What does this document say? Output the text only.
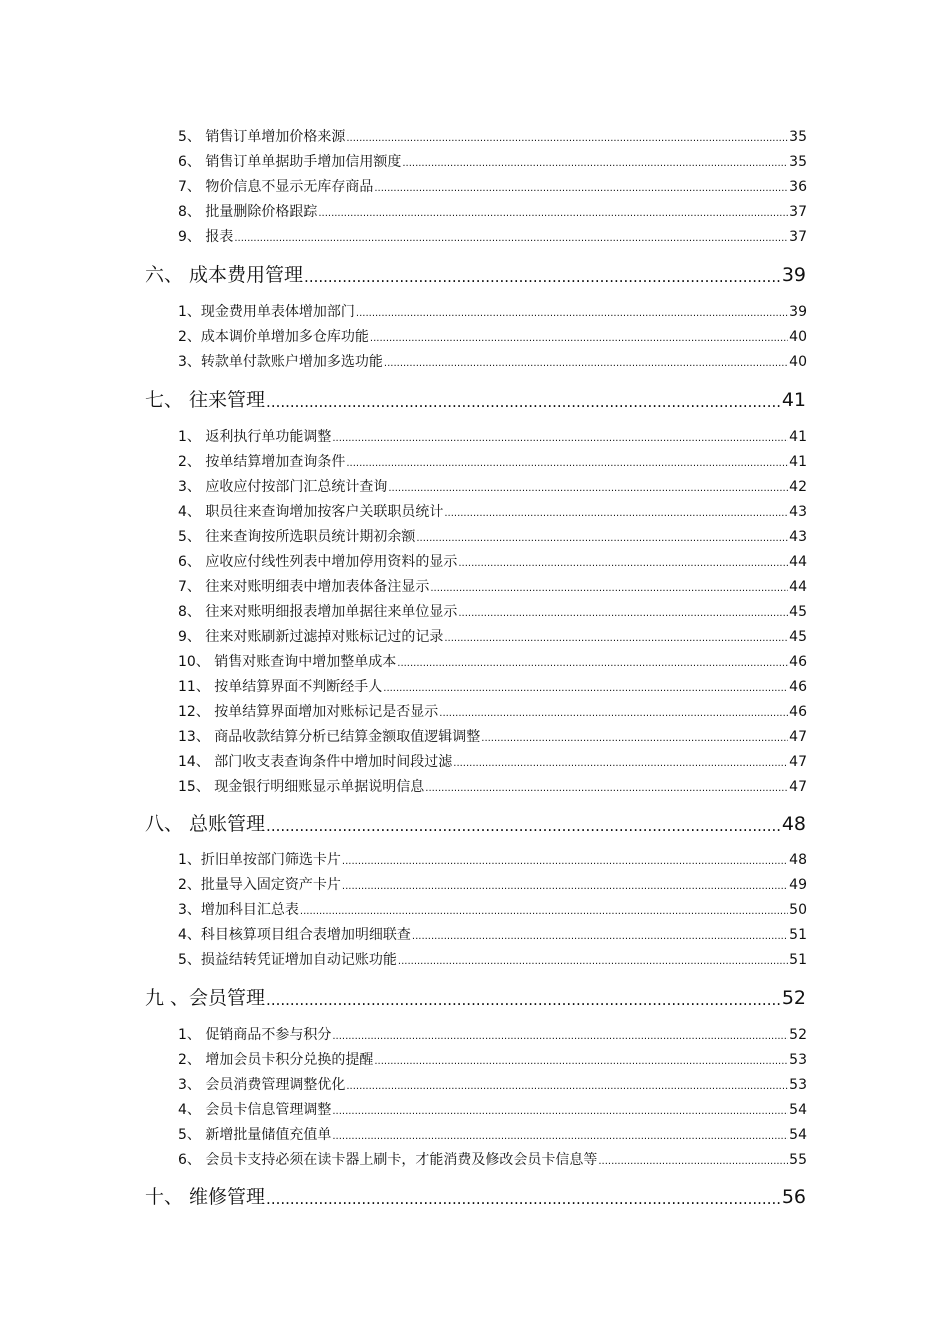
5、 销售订单增加价格来源 .....	35
6、 销售订单单据助手增加信用额度 .....	35
7、 物价信息不显示无库存商品 .....	36
8、 批量删除价格跟踪 .....	37
9、 报表 .....	37
六、 成本费用管理 .....	39
1、现金费用单表体增加部门 .....	39
2、成本调价单增加多仓库功能 .....	40
3、转款单付款账户增加多选功能 .....	40
七、 往来管理 .....	41
1、 返利执行单功能调整 .....	41
2、 按单结算增加查询条件 .....	41
3、 应收应付按部门汇总统计查询 .....	42
4、 职员往来查询增加按客户关联职员统计 .....	43
5、 往来查询按所选职员统计期初余额 .....	43
6、 应收应付线性列表中增加停用资料的显示 .....	44
7、 往来对账明细表中增加表体备注显示 .....	44
8、 往来对账明细报表增加单据往来单位显示 .....	45
9、 往来对账刷新过滤掉对账标记过的记录 .....	45
10、 销售对账查询中增加整单成本 .....	46
11、 按单结算界面不判断经手人 .....	46
12、 按单结算界面增加对账标记是否显示 .....	46
13、 商品收款结算分析已结算金额取值逻辑调整 .....	47
14、 部门收支表查询条件中增加时间段过滤 .....	47
15、 现金银行明细账显示单据说明信息 .....	47
八、 总账管理 .....	48
1、折旧单按部门筛选卡片 .....	48
2、批量导入固定资产卡片 .....	49
3、增加科目汇总表 .....	50
4、科目核算项目组合表增加明细联查 .....	51
5、损益结转凭证增加自动记账功能 .....	51
九 、会员管理 .....	52
1、 促销商品不参与积分 .....	52
2、 增加会员卡积分兑换的提醒 .....	53
3、 会员消费管理调整优化 .....	53
4、 会员卡信息管理调整 .....	54
5、 新增批量储值充值单 .....	54
6、 会员卡支持必须在读卡器上刷卡，才能消费及修改会员卡信息等 .....	55
十、 维修管理 .....	56
